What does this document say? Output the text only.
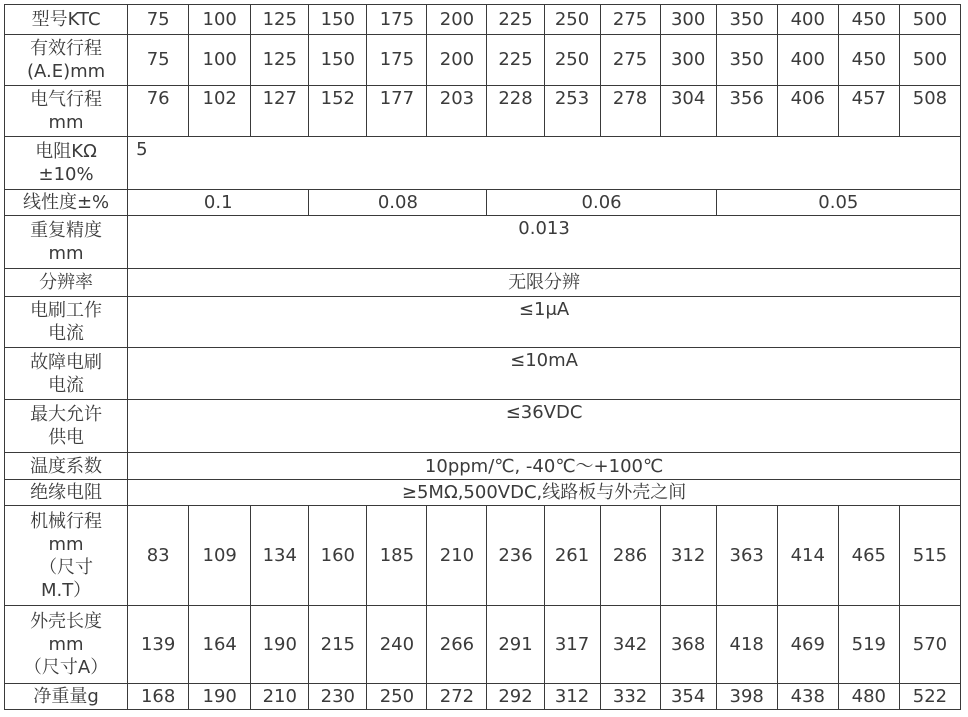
型号KTC	75	100	125	150	175	200	225	250	275	300	350	400	450	500

有效行程
(A.E)mm	75	100	125	150	175	200	225	250	275	300	350	400	450	500

电气行程
mm	76	102	127	152	177	203	228	253	278	304	356	406	457	508

电阻KΩ
±10%	5													

线性度±%	0.1			0.08			0.06				0.05			

重复精度
mm	0.013													

分辨率	无限分辨													

电刷工作
电流	≤1μA													

故障电刷
电流	≤10mA													

最大允许
供电	≤36VDC													

温度系数	10ppm/℃, -40℃～+100℃													

绝缘电阻	≥5MΩ,500VDC,线路板与外壳之间													

机械行程
mm
（尺寸
M.T）	83	109	134	160	185	210	236	261	286	312	363	414	465	515

外壳长度
mm
（尺寸A）	139	164	190	215	240	266	291	317	342	368	418	469	519	570

净重量g	168	190	210	230	250	272	292	312	332	354	398	438	480	522
